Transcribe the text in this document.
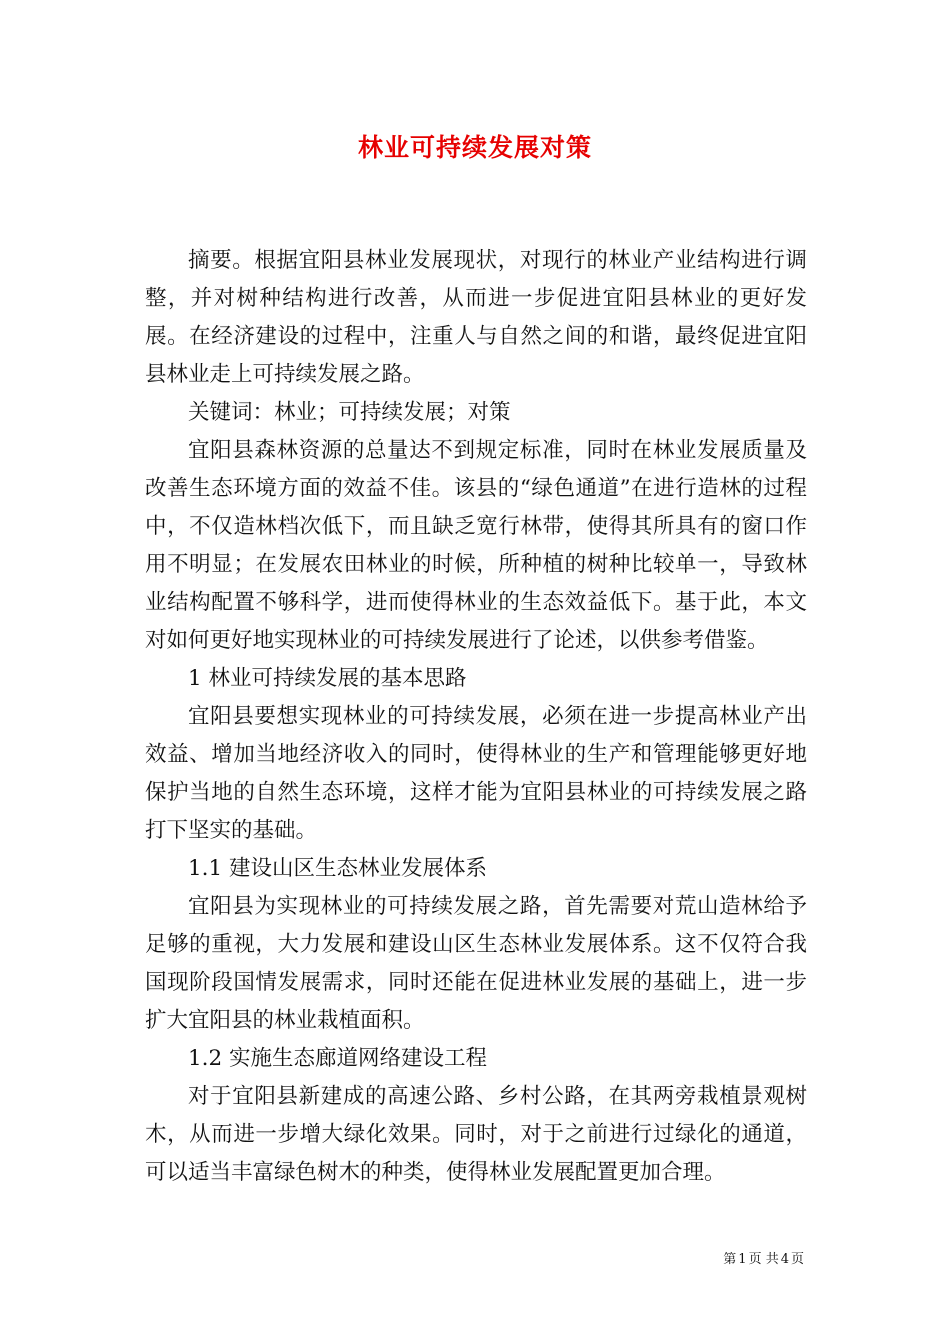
林业可持续发展对策

摘要。根据宜阳县林业发展现状，对现行的林业产业结构进行调整，并对树种结构进行改善，从而进一步促进宜阳县林业的更好发展。在经济建设的过程中，注重人与自然之间的和谐，最终促进宜阳县林业走上可持续发展之路。

关键词：林业；可持续发展；对策

宜阳县森林资源的总量达不到规定标准，同时在林业发展质量及改善生态环境方面的效益不佳。该县的“绿色通道”在进行造林的过程中，不仅造林档次低下，而且缺乏宽行林带，使得其所具有的窗口作用不明显；在发展农田林业的时候，所种植的树种比较单一，导致林业结构配置不够科学，进而使得林业的生态效益低下。基于此，本文对如何更好地实现林业的可持续发展进行了论述，以供参考借鉴。

1 林业可持续发展的基本思路

宜阳县要想实现林业的可持续发展，必须在进一步提高林业产出效益、增加当地经济收入的同时，使得林业的生产和管理能够更好地保护当地的自然生态环境，这样才能为宜阳县林业的可持续发展之路打下坚实的基础。

1.1 建设山区生态林业发展体系

宜阳县为实现林业的可持续发展之路，首先需要对荒山造林给予足够的重视，大力发展和建设山区生态林业发展体系。这不仅符合我国现阶段国情发展需求，同时还能在促进林业发展的基础上，进一步扩大宜阳县的林业栽植面积。

1.2 实施生态廊道网络建设工程

对于宜阳县新建成的高速公路、乡村公路，在其两旁栽植景观树木，从而进一步增大绿化效果。同时，对于之前进行过绿化的通道，可以适当丰富绿色树木的种类，使得林业发展配置更加合理。

第 1 页 共 4 页
